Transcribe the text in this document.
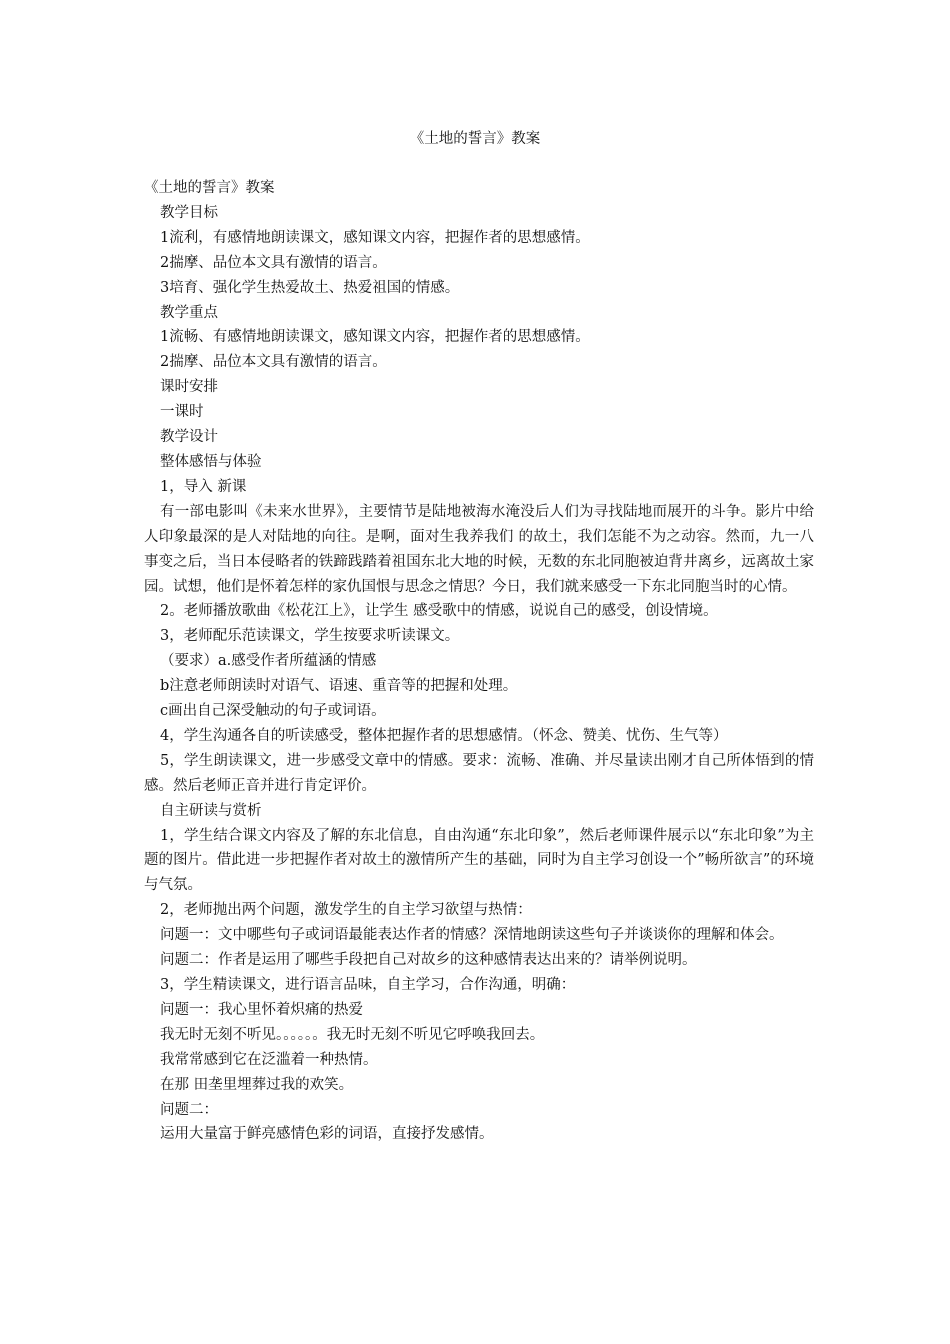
《土地的誓言》教案
《土地的誓言》教案
教学目标
1流利，有感情地朗读课文，感知课文内容，把握作者的思想感情。
2揣摩、品位本文具有激情的语言。
3培育、强化学生热爱故土、热爱祖国的情感。
教学重点
1流畅、有感情地朗读课文，感知课文内容，把握作者的思想感情。
2揣摩、品位本文具有激情的语言。
课时安排
一课时
教学设计
整体感悟与体验
1，导入 新课
有一部电影叫《未来水世界》，主要情节是陆地被海水淹没后人们为寻找陆地而展开的斗争。影片中给人印象最深的是人对陆地的向往。是啊，面对生我养我们 的故土，我们怎能不为之动容。然而，九一八事变之后，当日本侵略者的铁蹄践踏着祖国东北大地的时候，无数的东北同胞被迫背井离乡，远离故土家园。试想，他们是怀着怎样的家仇国恨与思念之情思？今日，我们就来感受一下东北同胞当时的心情。
2。老师播放歌曲《松花江上》，让学生 感受歌中的情感，说说自己的感受，创设情境。
3，老师配乐范读课文，学生按要求听读课文。
（要求）a.感受作者所蕴涵的情感
b注意老师朗读时对语气、语速、重音等的把握和处理。
c画出自己深受触动的句子或词语。
4，学生沟通各自的听读感受，整体把握作者的思想感情。（怀念、赞美、忧伤、生气等）
5，学生朗读课文，进一步感受文章中的情感。要求：流畅、准确、并尽量读出刚才自己所体悟到的情感。然后老师正音并进行肯定评价。
自主研读与赏析
1，学生结合课文内容及了解的东北信息，自由沟通“东北印象”，然后老师课件展示以“东北印象”为主题的图片。借此进一步把握作者对故土的激情所产生的基础，同时为自主学习创设一个”畅所欲言”的环境与气氛。
2，老师抛出两个问题，激发学生的自主学习欲望与热情：
问题一：文中哪些句子或词语最能表达作者的情感？深情地朗读这些句子并谈谈你的理解和体会。
问题二：作者是运用了哪些手段把自己对故乡的这种感情表达出来的？请举例说明。
3，学生精读课文，进行语言品味，自主学习，合作沟通，明确：
问题一：我心里怀着炽痛的热爱
我无时无刻不听见。。。。。。我无时无刻不听见它呼唤我回去。
我常常感到它在泛滥着一种热情。
在那 田垄里埋葬过我的欢笑。
问题二：
运用大量富于鲜亮感情色彩的词语，直接抒发感情。
